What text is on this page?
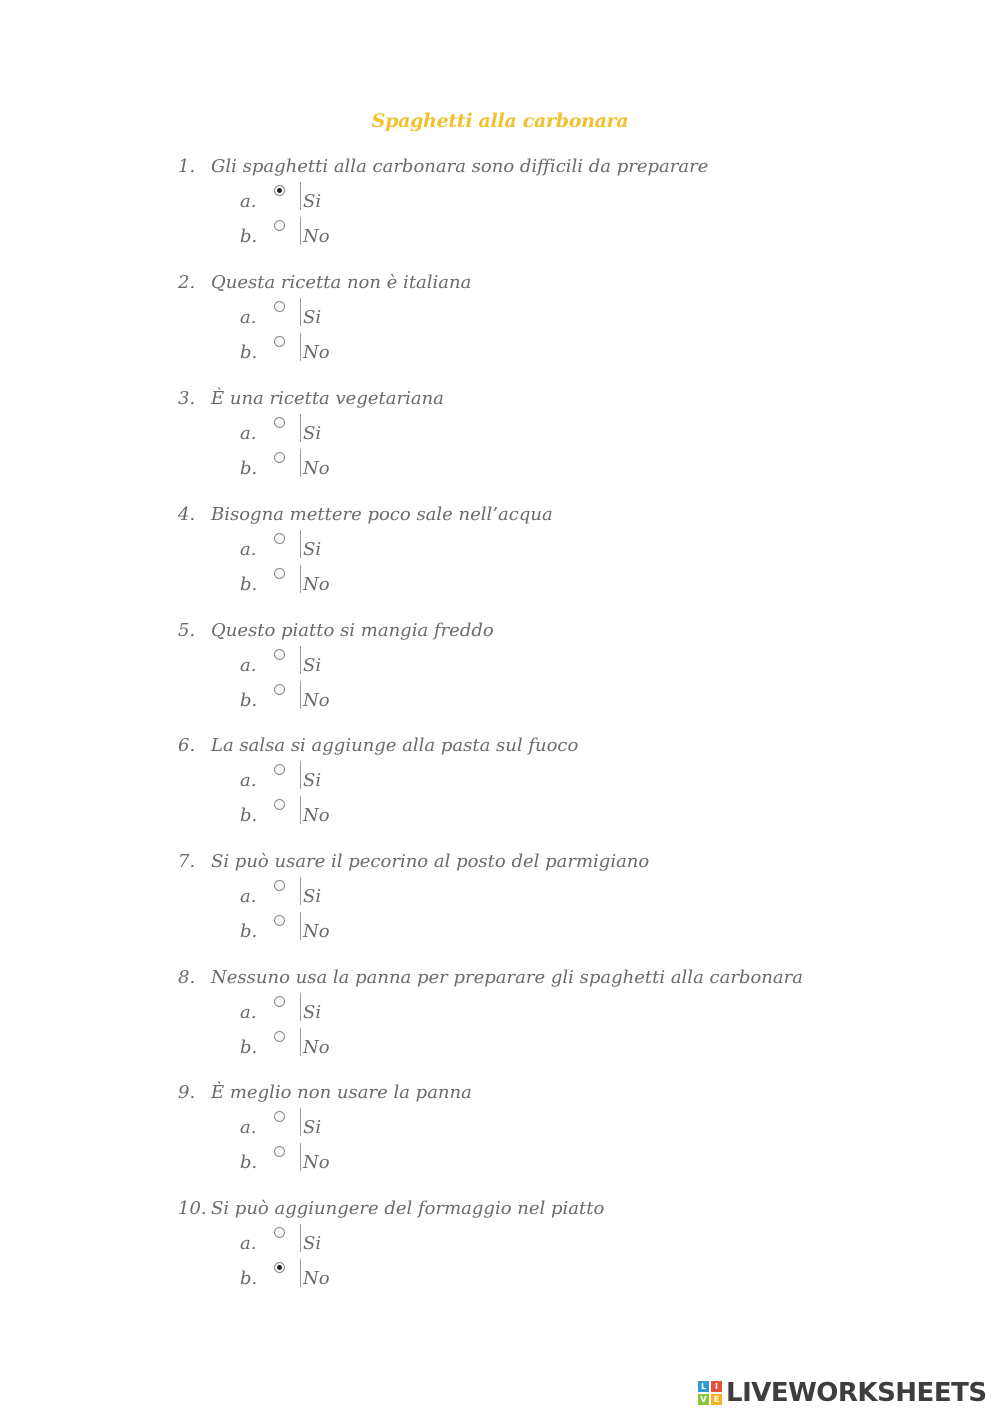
Spaghetti alla carbonara
1. Gli spaghetti alla carbonara sono difficili da preparare
a.	Si
b.	No
2. Questa ricetta non è italiana
a.	Si
b.	No
3. È una ricetta vegetariana
a.	Si
b.	No
4. Bisogna mettere poco sale nell’acqua
a.	Si
b.	No
5. Questo piatto si mangia freddo
a.	Si
b.	No
6. La salsa si aggiunge alla pasta sul fuoco
a.	Si
b.	No
7. Si può usare il pecorino al posto del parmigiano
a.	Si
b.	No
8. Nessuno usa la panna per preparare gli spaghetti alla carbonara
a.	Si
b.	No
9. È meglio non usare la panna
a.	Si
b.	No
10. Si può aggiungere del formaggio nel piatto
a.	Si
b.	No
L	I
V E LIVEWORKSHEETS
